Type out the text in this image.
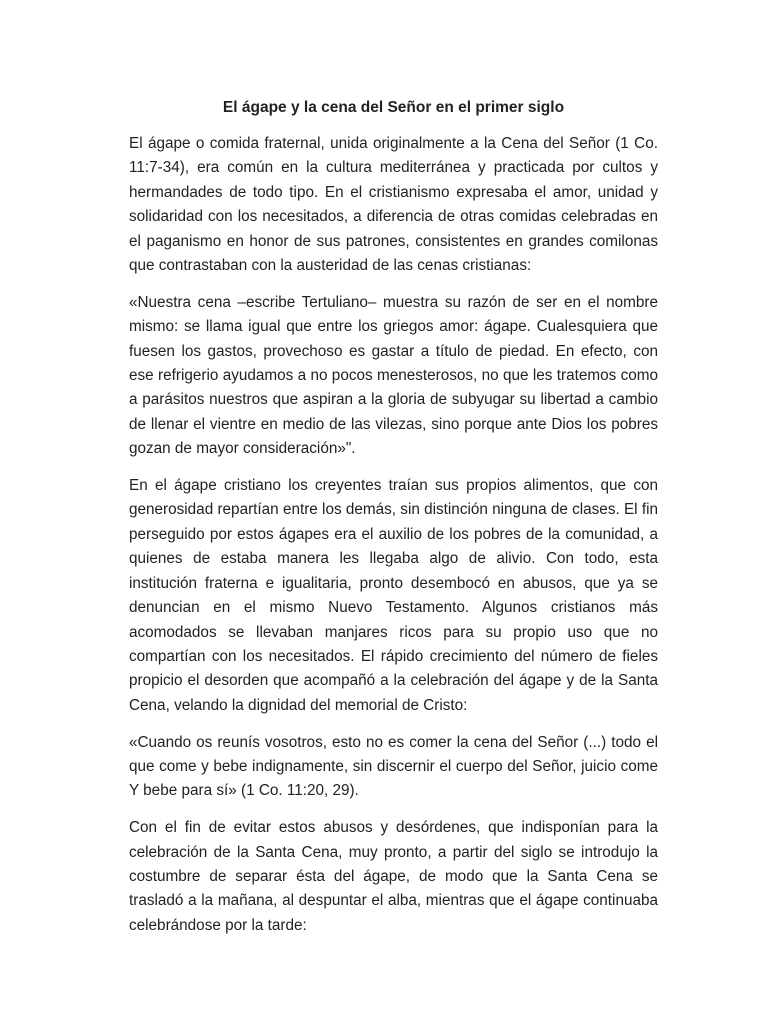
El ágape y la cena del Señor en el primer siglo

El ágape o comida fraternal, unida originalmente a la Cena del Señor (1 Co. 11:7-34), era común en la cultura mediterránea y practicada por cultos y hermandades de todo tipo. En el cristianismo expresaba el amor, unidad y solidaridad con los necesitados, a diferencia de otras comidas celebradas en el paganismo en honor de sus patrones, consistentes en grandes comilonas que contrastaban con la austeridad de las cenas cristianas:

«Nuestra cena –escribe Tertuliano– muestra su razón de ser en el nombre mismo: se llama igual que entre los griegos amor: ágape. Cualesquiera que fuesen los gastos, provechoso es gastar a título de piedad. En efecto, con ese refrigerio ayudamos a no pocos menesterosos, no que les tratemos como a parásitos nuestros que aspiran a la gloria de subyugar su libertad a cambio de llenar el vientre en medio de las vilezas, sino porque ante Dios los pobres gozan de mayor consideración»".

En el ágape cristiano los creyentes traían sus propios alimentos, que con generosidad repartían entre los demás, sin distinción ninguna de clases. El fin perseguido por estos ágapes era el auxilio de los pobres de la comunidad, a quienes de estaba manera les llegaba algo de alivio. Con todo, esta institución fraterna e igualitaria, pronto desembocó en abusos, que ya se denuncian en el mismo Nuevo Testamento. Algunos cristianos más acomodados se llevaban manjares ricos para su propio uso que no compartían con los necesitados. El rápido crecimiento del número de fieles propicio el desorden que acompañó a la celebración del ágape y de la Santa Cena, velando la dignidad del memorial de Cristo:

«Cuando os reunís vosotros, esto no es comer la cena del Señor (...) todo el que come y bebe indignamente, sin discernir el cuerpo del Señor, juicio come Y bebe para sí» (1 Co. 11:20, 29).

Con el fin de evitar estos abusos y desórdenes, que indisponían para la celebración de la Santa Cena, muy pronto, a partir del siglo se introdujo la costumbre de separar ésta del ágape, de modo que la Santa Cena se trasladó a la mañana, al despuntar el alba, mientras que el ágape continuaba celebrándose por la tarde:
